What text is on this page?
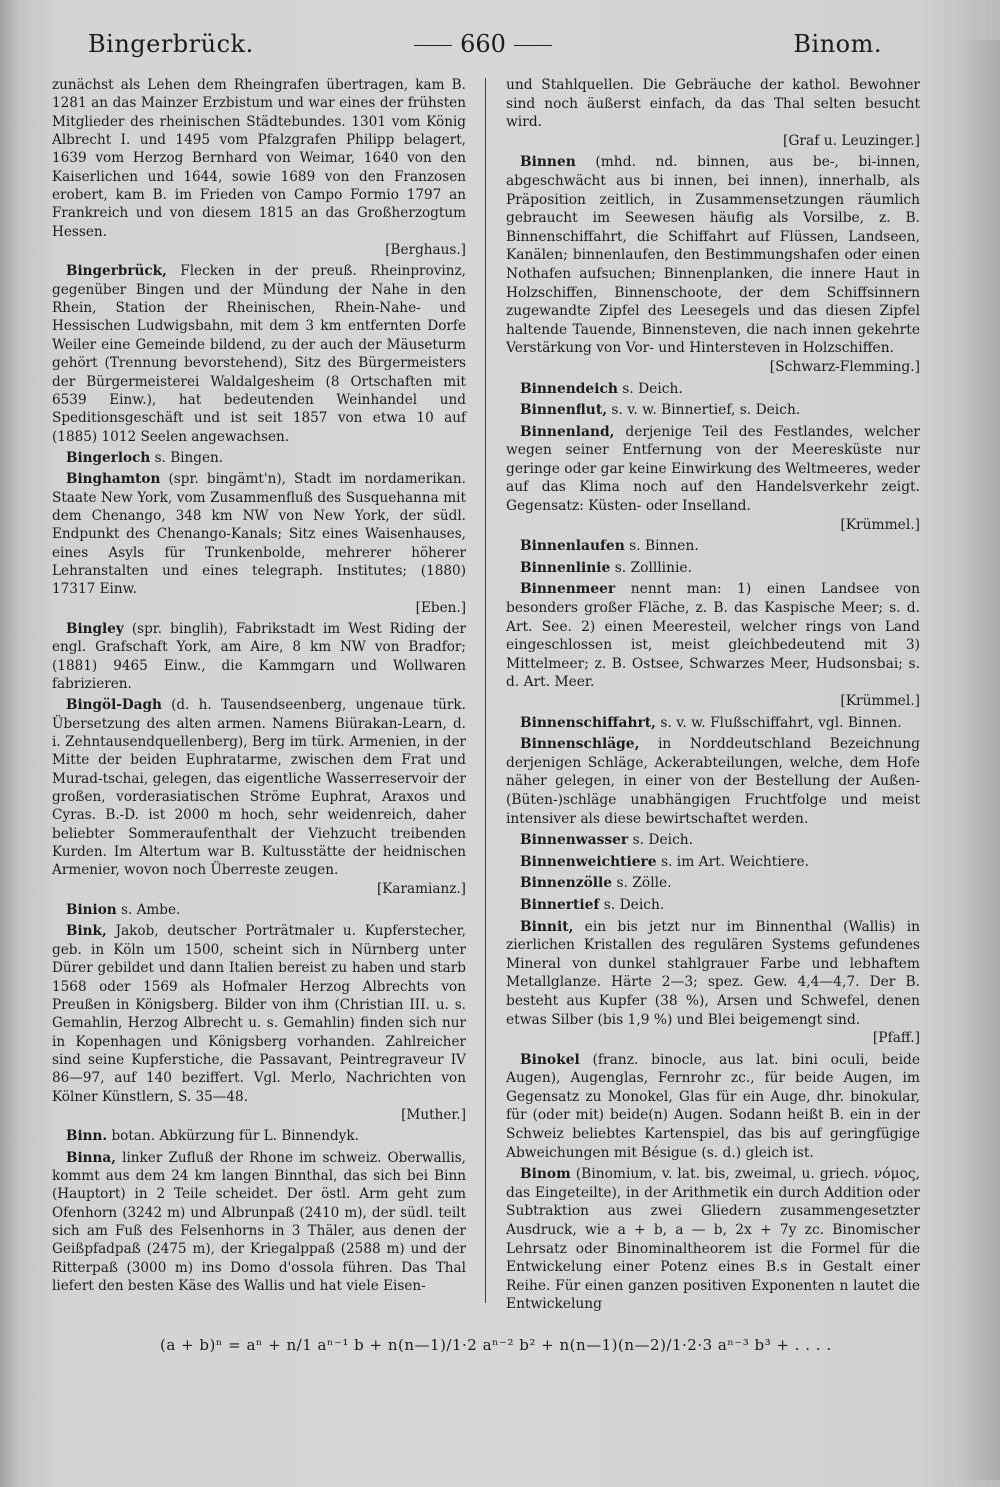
Bingerbrück.	660	Binom.

zunächst als Lehen dem Rheingrafen übertragen, kam B. 1281 an das Mainzer Erzbistum und war eines der frühsten Mitglieder des rheinischen Städtebundes. 1301 vom König Albrecht I. und 1495 vom Pfalzgrafen Philipp belagert, 1639 vom Herzog Bernhard von Weimar, 1640 von den Kaiserlichen und 1644, sowie 1689 von den Franzosen erobert, kam B. im Frieden von Campo Formio 1797 an Frankreich und von diesem 1815 an das Großherzogtum Hessen.
[Berghaus.]

Bingerbrück, Flecken in der preuß. Rheinprovinz, gegenüber Bingen und der Mündung der Nahe in den Rhein, Station der Rheinischen, Rhein-Nahe- und Hessischen Ludwigsbahn, mit dem 3 km entfernten Dorfe Weiler eine Gemeinde bildend, zu der auch der Mäuseturm gehört (Trennung bevorstehend), Sitz des Bürgermeisters der Bürgermeisterei Waldalgesheim (8 Ortschaften mit 6539 Einw.), hat bedeutenden Weinhandel und Speditionsgeschäft und ist seit 1857 von etwa 10 auf (1885) 1012 Seelen angewachsen.

Bingerloch s. Bingen.

Binghamton (spr. bingämt'n), Stadt im nordamerikan. Staate New York, vom Zusammenfluß des Susquehanna mit dem Chenango, 348 km NW von New York, der südl. Endpunkt des Chenango-Kanals; Sitz eines Waisenhauses, eines Asyls für Trunkenbolde, mehrerer höherer Lehranstalten und eines telegraph. Institutes; (1880) 17317 Einw.
[Eben.]

Bingley (spr. binglih), Fabrikstadt im West Riding der engl. Grafschaft York, am Aire, 8 km NW von Bradfor; (1881) 9465 Einw., die Kammgarn und Wollwaren fabrizieren.

Bingöl-Dagh (d. h. Tausendseenberg, ungenaue türk. Übersetzung des alten armen. Namens Biürakan-Learn, d. i. Zehntausendquellenberg), Berg im türk. Armenien, in der Mitte der beiden Euphratarme, zwischen dem Frat und Murad-tschai, gelegen, das eigentliche Wasserreservoir der großen, vorderasiatischen Ströme Euphrat, Araxos und Cyras. B.-D. ist 2000 m hoch, sehr weidenreich, daher beliebter Sommeraufenthalt der Viehzucht treibenden Kurden. Im Altertum war B. Kultusstätte der heidnischen Armenier, wovon noch Überreste zeugen.
[Karamianz.]

Binion s. Ambe.

Bink, Jakob, deutscher Porträtmaler u. Kupferstecher, geb. in Köln um 1500, scheint sich in Nürnberg unter Dürer gebildet und dann Italien bereist zu haben und starb 1568 oder 1569 als Hofmaler Herzog Albrechts von Preußen in Königsberg. Bilder von ihm (Christian III. u. s. Gemahlin, Herzog Albrecht u. s. Gemahlin) finden sich nur in Kopenhagen und Königsberg vorhanden. Zahlreicher sind seine Kupferstiche, die Passavant, Peintregraveur IV 86—97, auf 140 beziffert. Vgl. Merlo, Nachrichten von Kölner Künstlern, S. 35—48.
[Muther.]

Binn. botan. Abkürzung für L. Binnendyk.

Binna, linker Zufluß der Rhone im schweiz. Oberwallis, kommt aus dem 24 km langen Binnthal, das sich bei Binn (Hauptort) in 2 Teile scheidet. Der östl. Arm geht zum Ofenhorn (3242 m) und Albrunpaß (2410 m), der südl. teilt sich am Fuß des Felsenhorns in 3 Thäler, aus denen der Geißpfadpaß (2475 m), der Kriegalppaß (2588 m) und der Ritterpaß (3000 m) ins Domo d'ossola führen. Das Thal liefert den besten Käse des Wallis und hat viele Eisen-

und Stahlquellen. Die Gebräuche der kathol. Bewohner sind noch äußerst einfach, da das Thal selten besucht wird.
[Graf u. Leuzinger.]

Binnen (mhd. nd. binnen, aus be-, bi-innen, abgeschwächt aus bi innen, bei innen), innerhalb, als Präposition zeitlich, in Zusammensetzungen räumlich gebraucht im Seewesen häufig als Vorsilbe, z. B. Binnenschiffahrt, die Schiffahrt auf Flüssen, Landseen, Kanälen; binnenlaufen, den Bestimmungshafen oder einen Nothafen aufsuchen; Binnenplanken, die innere Haut in Holzschiffen, Binnenschoote, der dem Schiffsinnern zugewandte Zipfel des Leesegels und das diesen Zipfel haltende Tauende, Binnensteven, die nach innen gekehrte Verstärkung von Vor- und Hintersteven in Holzschiffen.
[Schwarz-Flemming.]

Binnendeich s. Deich.

Binnenflut, s. v. w. Binnertief, s. Deich.

Binnenland, derjenige Teil des Festlandes, welcher wegen seiner Entfernung von der Meeresküste nur geringe oder gar keine Einwirkung des Weltmeeres, weder auf das Klima noch auf den Handelsverkehr zeigt. Gegensatz: Küsten- oder Inselland.
[Krümmel.]

Binnenlaufen s. Binnen.

Binnenlinie s. Zolllinie.

Binnenmeer nennt man: 1) einen Landsee von besonders großer Fläche, z. B. das Kaspische Meer; s. d. Art. See. 2) einen Meeresteil, welcher rings von Land eingeschlossen ist, meist gleichbedeutend mit 3) Mittelmeer; z. B. Ostsee, Schwarzes Meer, Hudsonsbai; s. d. Art. Meer.
[Krümmel.]

Binnenschiffahrt, s. v. w. Flußschiffahrt, vgl. Binnen.

Binnenschläge, in Norddeutschland Bezeichnung derjenigen Schläge, Ackerabteilungen, welche, dem Hofe näher gelegen, in einer von der Bestellung der Außen-(Büten-)schläge unabhängigen Fruchtfolge und meist intensiver als diese bewirtschaftet werden.

Binnenwasser s. Deich.

Binnenweichtiere s. im Art. Weichtiere.

Binnenzölle s. Zölle.

Binnertief s. Deich.

Binnit, ein bis jetzt nur im Binnenthal (Wallis) in zierlichen Kristallen des regulären Systems gefundenes Mineral von dunkel stahlgrauer Farbe und lebhaftem Metallglanze. Härte 2—3; spez. Gew. 4,4—4,7. Der B. besteht aus Kupfer (38 %), Arsen und Schwefel, denen etwas Silber (bis 1,9 %) und Blei beigemengt sind.
[Pfaff.]

Binokel (franz. binocle, aus lat. bini oculi, beide Augen), Augenglas, Fernrohr zc., für beide Augen, im Gegensatz zu Monokel, Glas für ein Auge, dhr. binokular, für (oder mit) beide(n) Augen. Sodann heißt B. ein in der Schweiz beliebtes Kartenspiel, das bis auf geringfügige Abweichungen mit Bésigue (s. d.) gleich ist.

Binom (Binomium, v. lat. bis, zweimal, u. griech. νόμος, das Eingeteilte), in der Arithmetik ein durch Addition oder Subtraktion aus zwei Gliedern zusammengesetzter Ausdruck, wie a + b, a — b, 2x + 7y zc. Binomischer Lehrsatz oder Binominaltheorem ist die Formel für die Entwickelung einer Potenz eines B.s in Gestalt einer Reihe. Für einen ganzen positiven Exponenten n lautet die Entwickelung

(a + b)ⁿ = aⁿ + n/1 aⁿ⁻¹ b + n(n—1)/1·2 aⁿ⁻² b² + n(n—1)(n—2)/1·2·3 aⁿ⁻³ b³ + . . . .
